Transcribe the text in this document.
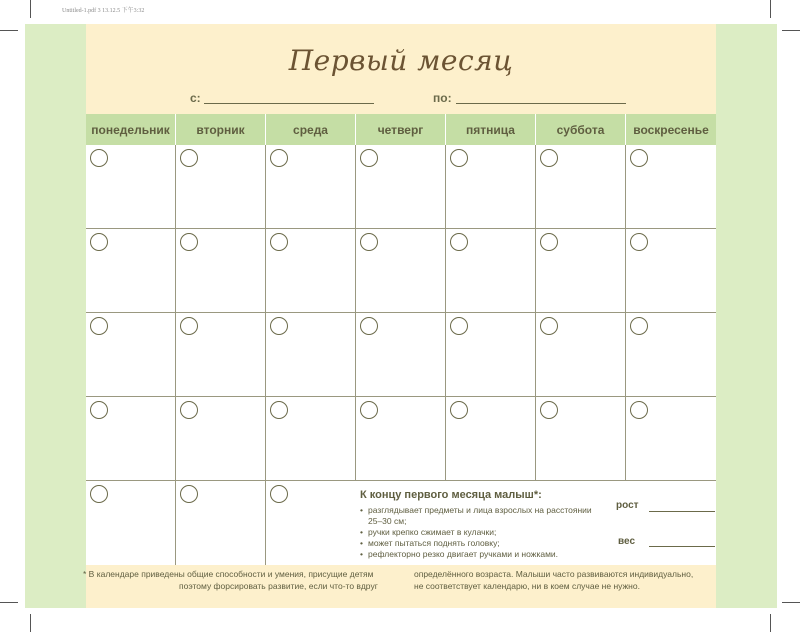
Untitled-1.pdf 3 13.12.5 下午3:32
Первый месяц
с:	по:
понедельник	вторник	среда	четверг	пятница	суббота	воскресенье
К концу первого месяца малыш*:
• разглядывает предметы и лица взрослых на расстоянии 25–30 см;
• ручки крепко сжимает в кулачки;
• может пытаться поднять головку;
• рефлекторно резко двигает ручками и ножками.
рост
вес
* В календаре приведены общие способности и умения, присущие детям
поэтому форсировать развитие, если что-то вдруг
определённого возраста. Малыши часто развиваются индивидуально,
не соответствует календарю, ни в коем случае не нужно.
